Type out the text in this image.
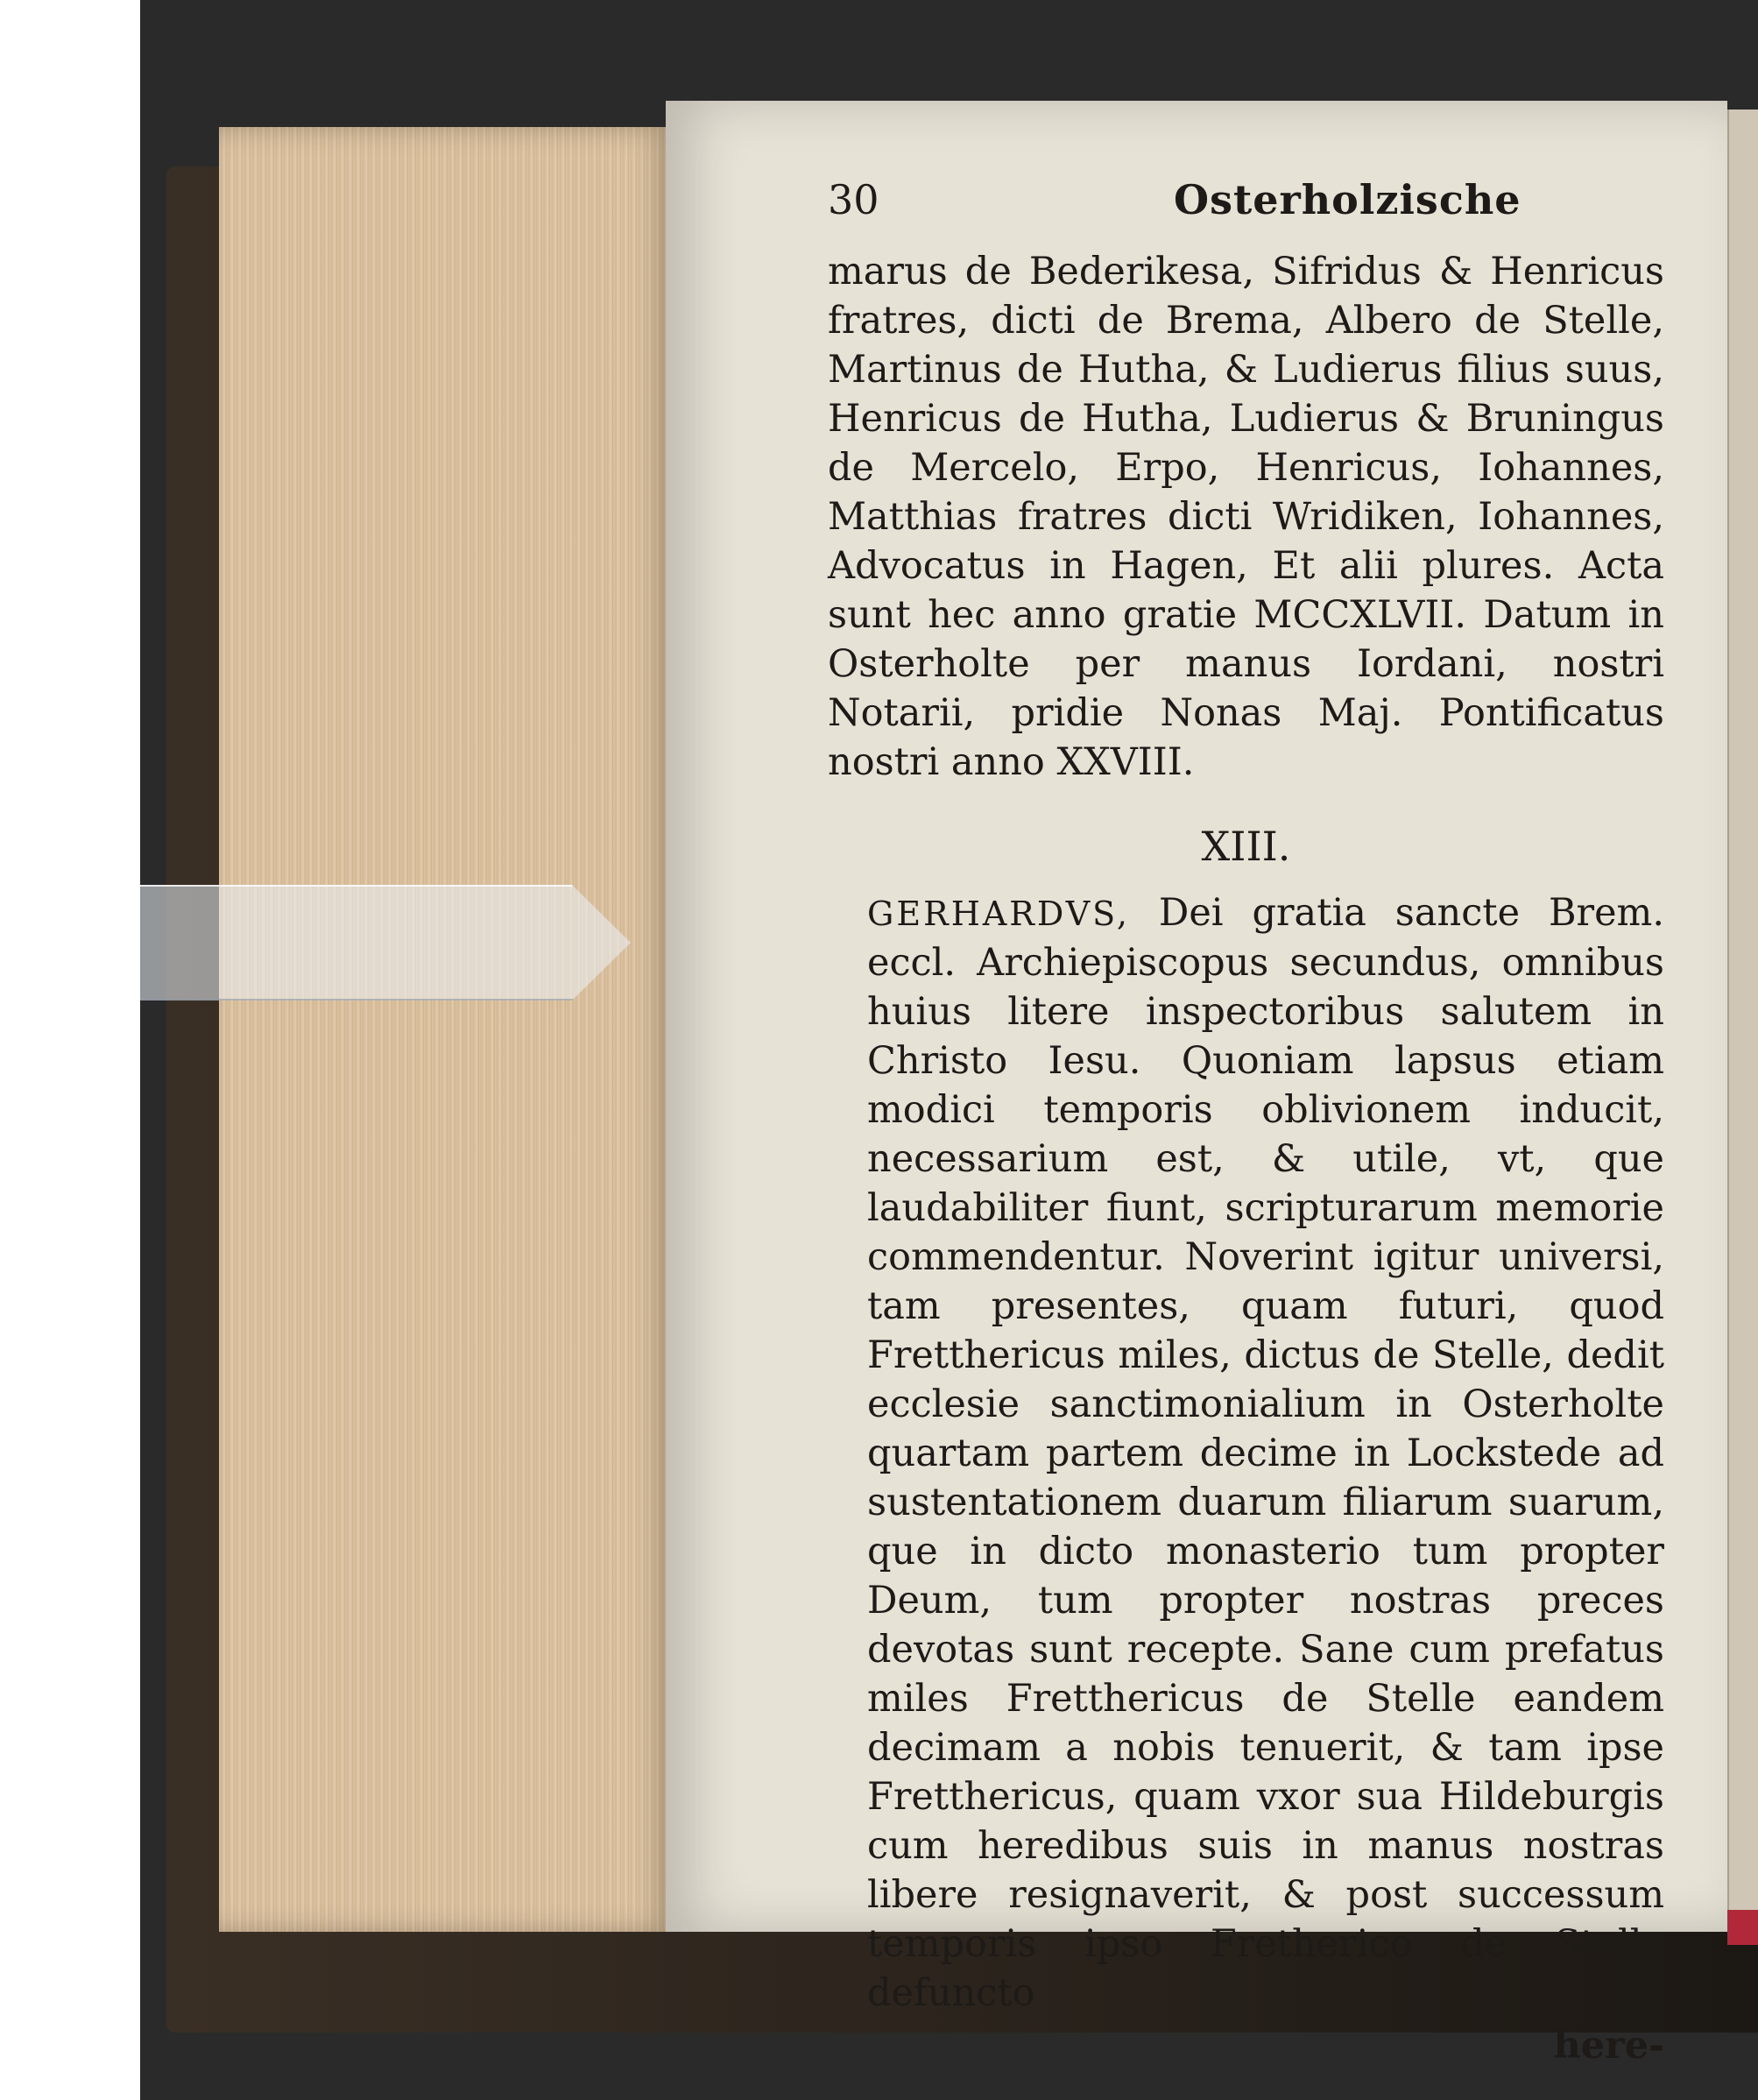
30	Osterholzische

marus de Bederikesa, Sifridus & Henricus fratres, dicti de Brema, Albero de Stelle, Martinus de Hutha, & Ludierus filius suus, Henricus de Hutha, Ludierus & Bruningus de Mercelo, Erpo, Henricus, Iohannes, Matthias fratres dicti Wridiken, Iohannes, Advocatus in Hagen, Et alii plures. Acta sunt hec anno gratie MCCXLVII. Datum in Osterholte per manus Iordani, nostri Notarii, pridie Nonas Maj. Pontificatus nostri anno XXVIII.

XIII.

GERHARDVS, Dei gratia sancte Brem. eccl. Archiepiscopus secundus, omnibus huius litere inspectoribus salutem in Christo Iesu. Quoniam lapsus etiam modici temporis oblivionem inducit, necessarium est, & utile, vt, que laudabiliter fiunt, scripturarum memorie commendentur. Noverint igitur universi, tam presentes, quam futuri, quod Fretthericus miles, dictus de Stelle, dedit ecclesie sanctimonialium in Osterholte quartam partem decime in Lockstede ad sustentationem duarum filiarum suarum, que in dicto monasterio tum propter Deum, tum propter nostras preces devotas sunt recepte. Sane cum prefatus miles Fretthericus de Stelle eandem decimam a nobis tenuerit, & tam ipse Fretthericus, quam vxor sua Hildeburgis cum heredibus suis in manus nostras libere resignaverit, & post successum temporis ipso Fretherico de Stelle defuncto

here-
